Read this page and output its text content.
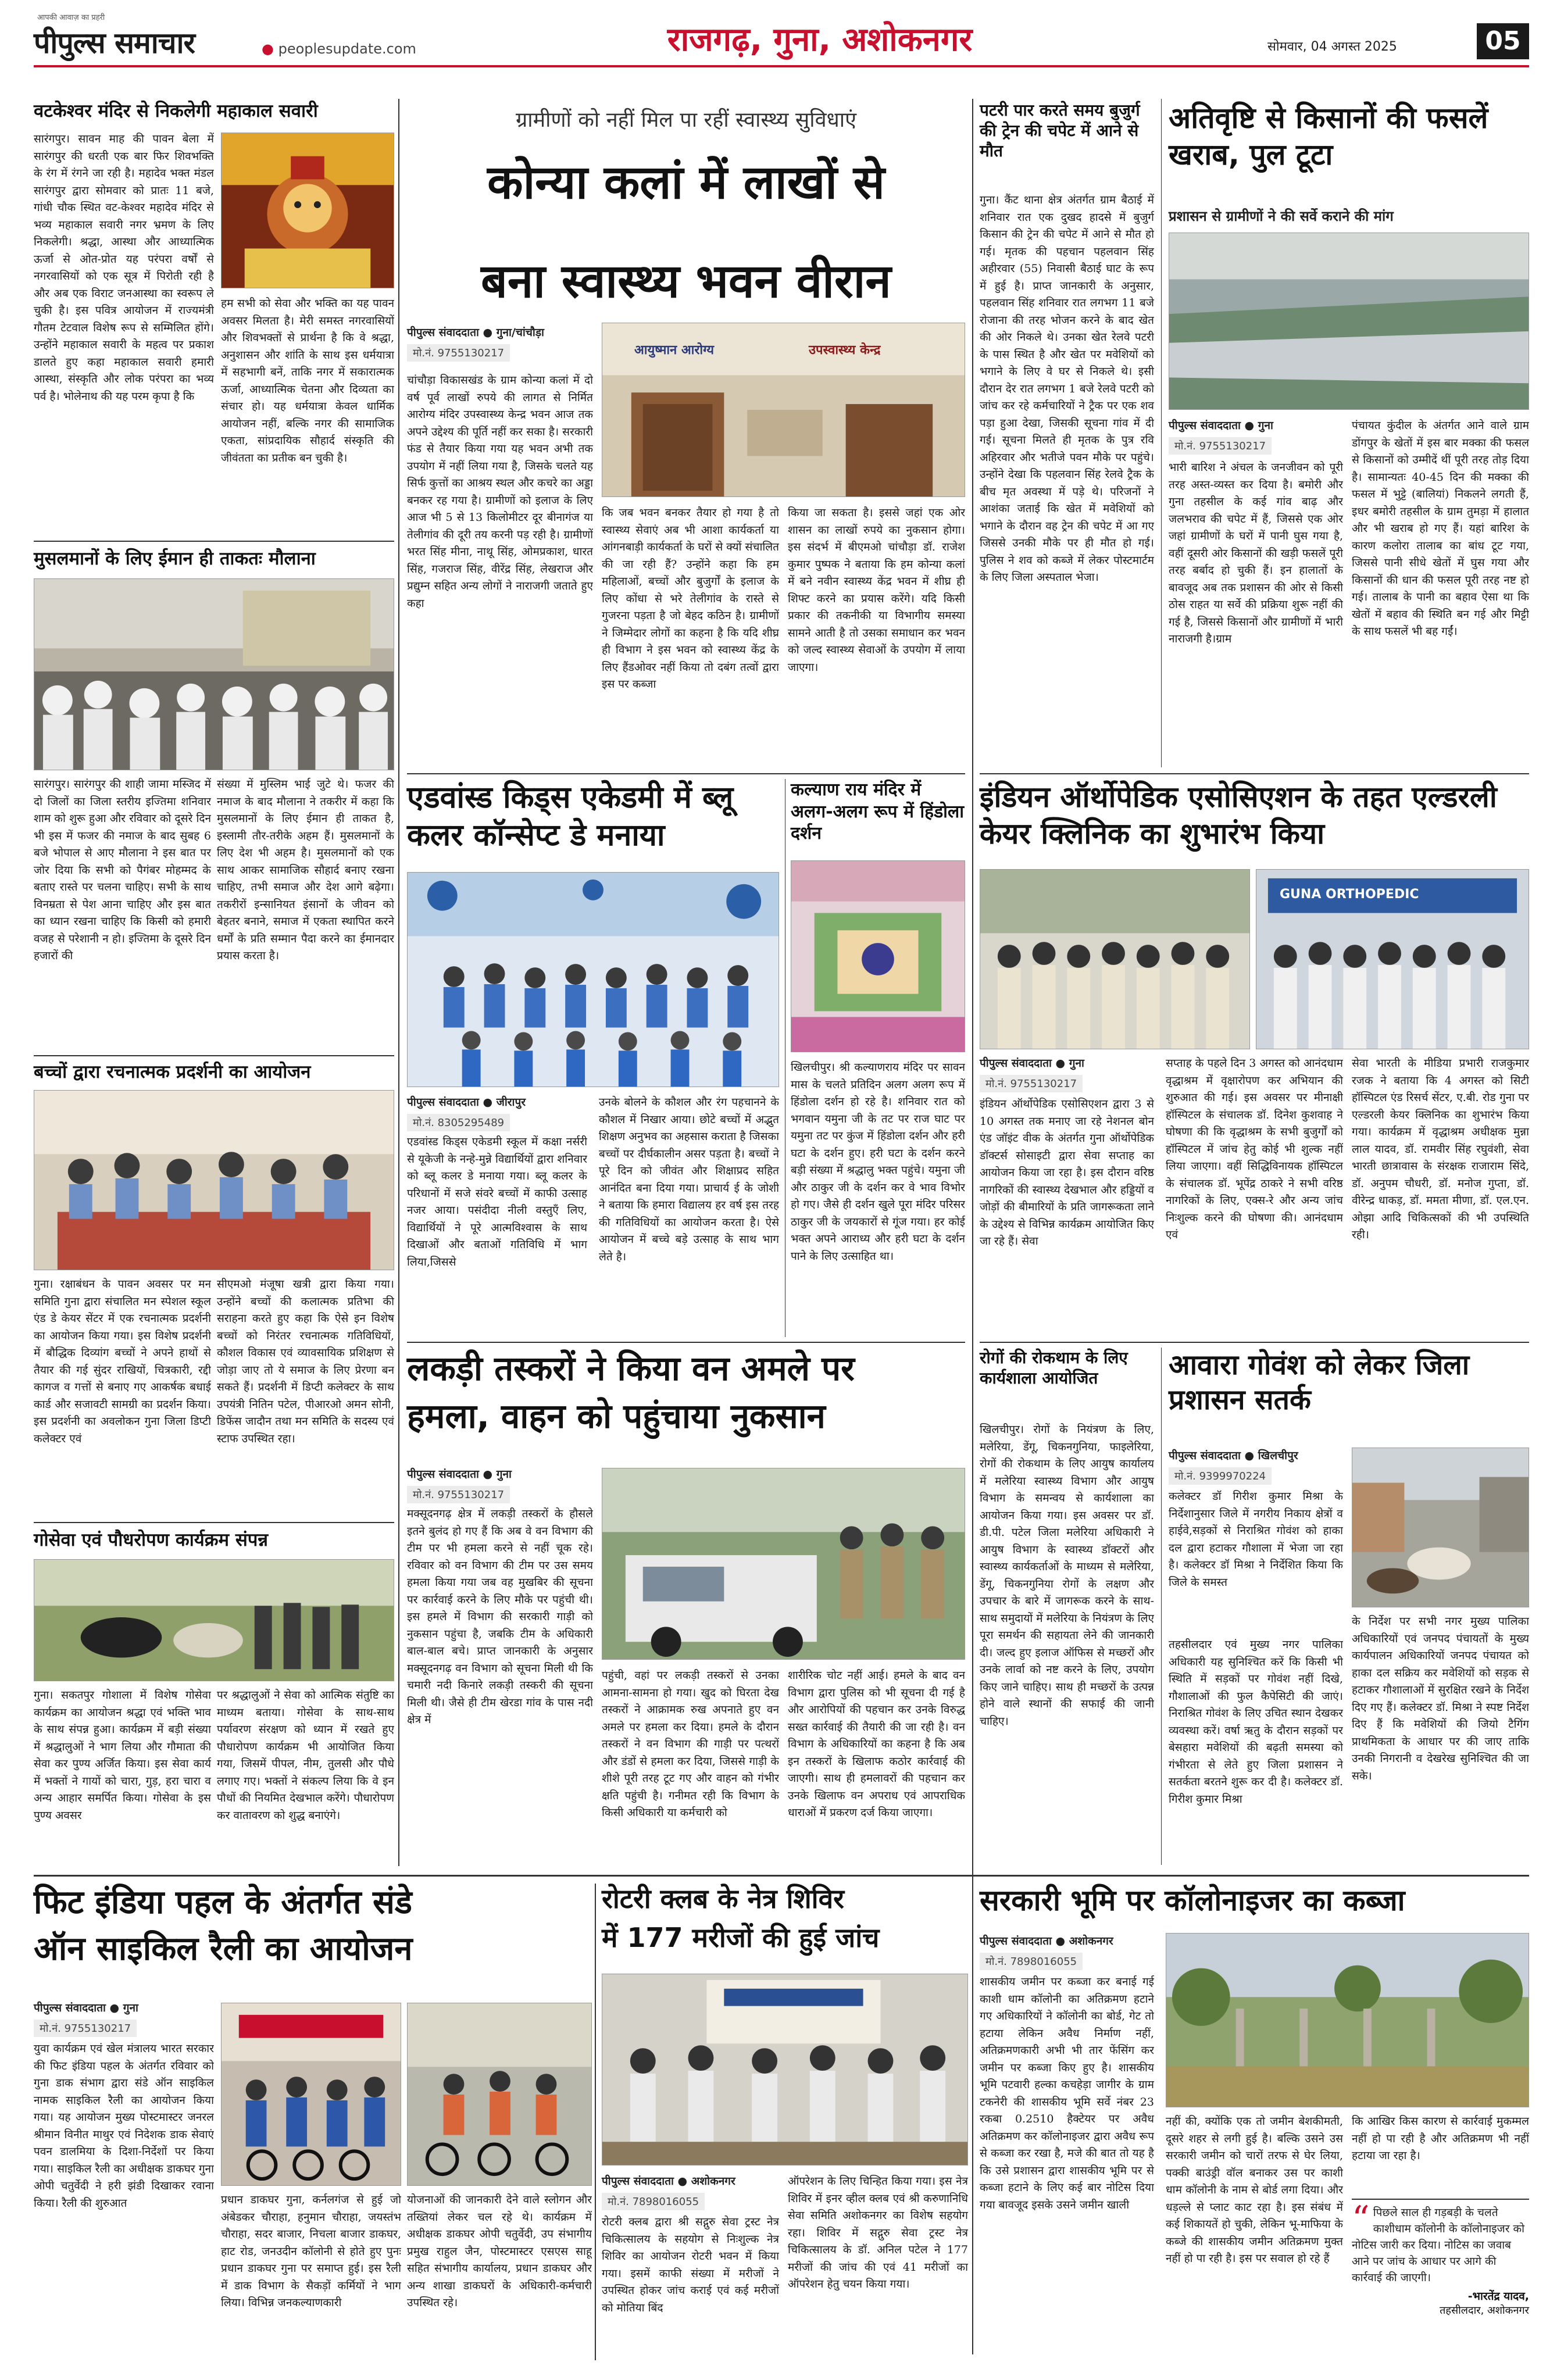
आपकी आवाज़ का प्रहरी
पीपुल्स समाचार	● peoplesupdate.com	राजगढ़, गुना, अशोकनगर	सोमवार, 04 अगस्त 2025	05
वटकेश्वर मंदिर से निकलेगी महाकाल सवारी
सारंगपुर। सावन माह की पावन बेला में सारंगपुर की धरती एक बार फिर शिवभक्ति के रंग में रंगने जा रही है। महादेव भक्त मंडल सारंगपुर द्वारा सोमवार को प्रातः 11 बजे, गांधी चौक स्थित वट-केश्वर महादेव मंदिर से भव्य महाकाल सवारी नगर भ्रमण के लिए निकलेगी। श्रद्धा, आस्था और आध्यात्मिक ऊर्जा से ओत-प्रोत यह परंपरा वर्षों से नगरवासियों को एक सूत्र में पिरोती रही है और अब एक विराट जनआस्था का स्वरूप ले चुकी है। इस पवित्र आयोजन में राज्यमंत्री गौतम टेटवाल विशेष रूप से सम्मिलित होंगे। उन्होंने महाकाल सवारी के महत्व पर प्रकाश डालते हुए कहा महाकाल सवारी हमारी आस्था, संस्कृति और लोक परंपरा का भव्य पर्व है। भोलेनाथ की यह परम कृपा है कि
हम सभी को सेवा और भक्ति का यह पावन अवसर मिलता है। मेरी समस्त नगरवासियों और शिवभक्तों से प्रार्थना है कि वे श्रद्धा, अनुशासन और शांति के साथ इस धर्मयात्रा में सहभागी बनें, ताकि नगर में सकारात्मक ऊर्जा, आध्यात्मिक चेतना और दिव्यता का संचार हो। यह धर्मयात्रा केवल धार्मिक आयोजन नहीं, बल्कि नगर की सामाजिक एकता, सांप्रदायिक सौहार्द संस्कृति की जीवंतता का प्रतीक बन चुकी है।
मुसलमानों के लिए ईमान ही ताकतः मौलाना
सारंगपुर। सारंगपुर की शाही जामा मस्जिद में दो जिलों का जिला स्तरीय इज्तिमा शनिवार शाम को शुरू हुआ और रविवार को दूसरे दिन भी इस में फजर की नमाज के बाद सुबह 6 बजे भोपाल से आए मौलाना ने इस बात पर जोर दिया कि सभी को पैगंबर मोहम्मद के बताए रास्ते पर चलना चाहिए। सभी के साथ विनम्रता से पेश आना चाहिए और इस बात का ध्यान रखना चाहिए कि किसी को हमारी वजह से परेशानी न हो। इज्तिमा के दूसरे दिन हजारों की
संख्या में मुस्लिम भाई जुटे थे। फजर की नमाज के बाद मौलाना ने तकरीर में कहा कि मुसलमानों के लिए ईमान ही ताकत है, इस्लामी तौर-तरीके अहम हैं। मुसलमानों के लिए देश भी अहम है। मुसलमानों को एक साथ आकर सामाजिक सौहार्द बनाए रखना चाहिए, तभी समाज और देश आगे बढ़ेगा। तकरीरों इन्सानियत इंसानों के जीवन को बेहतर बनाने, समाज में एकता स्थापित करने धर्मों के प्रति सम्मान पैदा करने का ईमानदार प्रयास करता है।
बच्चों द्वारा रचनात्मक प्रदर्शनी का आयोजन
गुना। रक्षाबंधन के पावन अवसर पर मन समिति गुना द्वारा संचालित मन स्पेशल स्कूल एंड डे केयर सेंटर में एक रचनात्मक प्रदर्शनी का आयोजन किया गया। इस विशेष प्रदर्शनी में बौद्धिक दिव्यांग बच्चों ने अपने हाथों से तैयार की गई सुंदर राखियों, चित्रकारी, रद्दी कागज व गत्तों से बनाए गए आकर्षक बधाई कार्ड और सजावटी सामग्री का प्रदर्शन किया। इस प्रदर्शनी का अवलोकन गुना जिला डिप्टी कलेक्टर एवं
सीएमओ मंजूषा खत्री द्वारा किया गया। उन्होंने बच्चों की कलात्मक प्रतिभा की सराहना करते हुए कहा कि ऐसे इन विशेष बच्चों को निरंतर रचनात्मक गतिविधियों, कौशल विकास एवं व्यावसायिक प्रशिक्षण से जोड़ा जाए तो ये समाज के लिए प्रेरणा बन सकते हैं। प्रदर्शनी में डिप्टी कलेक्टर के साथ उपयंत्री नितिन पटेल, पीआरओ अमन सोनी, डिफेंस जादौन तथा मन समिति के सदस्य एवं स्टाफ उपस्थित रहा।
गोसेवा एवं पौधरोपण कार्यक्रम संपन्न
गुना। सकतपुर गोशाला में विशेष गोसेवा कार्यक्रम का आयोजन श्रद्धा एवं भक्ति भाव के साथ संपन्न हुआ। कार्यक्रम में बड़ी संख्या में श्रद्धालुओं ने भाग लिया और गौमाता की सेवा कर पुण्य अर्जित किया। इस सेवा कार्य में भक्तों ने गायों को चारा, गुड़, हरा चारा व अन्य आहार समर्पित किया। गोसेवा के इस पुण्य अवसर
पर श्रद्धालुओं ने सेवा को आत्मिक संतुष्टि का माध्यम बताया। गोसेवा के साथ-साथ पर्यावरण संरक्षण को ध्यान में रखते हुए पौधारोपण कार्यक्रम भी आयोजित किया गया, जिसमें पीपल, नीम, तुलसी और पौधे लगाए गए। भक्तों ने संकल्प लिया कि वे इन पौधों की नियमित देखभाल करेंगे। पौधारोपण कर वातावरण को शुद्ध बनाएंगे।
ग्रामीणों को नहीं मिल पा रहीं स्वास्थ्य सुविधाएं
कोन्या कलां में लाखों से
बना स्वास्थ्य भवन वीरान
पीपुल्स संवाददाता ● गुना/चांचौड़ा
मो.नं. 9755130217	आयुष्मान आरोग्य	उपस्वास्थ्य केन्द्र
चांचौड़ा विकासखंड के ग्राम कोन्या कलां में दो वर्ष पूर्व लाखों रुपये की लागत से निर्मित आरोग्य मंदिर उपस्वास्थ्य केन्द्र भवन आज तक अपने उद्देश्य की पूर्ति नहीं कर सका है। सरकारी फंड से तैयार किया गया यह भवन अभी तक उपयोग में नहीं लिया गया है, जिसके चलते यह सिर्फ कुत्तों का आश्रय स्थल और कचरे का अड्डा बनकर रह गया है। ग्रामीणों को इलाज के लिए आज भी 5 से 13 किलोमीटर दूर बीनागंज या तेलीगांव की दूरी तय करनी पड़ रही है। ग्रामीणों भरत सिंह मीना, नाथू सिंह, ओमप्रकाश, धारत सिंह, गजराज सिंह, वीरेंद्र सिंह, लेखराज और प्रद्युम्न सहित अन्य लोगों ने नाराजगी जताते हुए कहा
कि जब भवन बनकर तैयार हो गया है तो स्वास्थ्य सेवाएं अब भी आशा कार्यकर्ता या आंगनबाड़ी कार्यकर्ता के घरों से क्यों संचालित की जा रही हैं? उन्होंने कहा कि हम महिलाओं, बच्चों और बुजुर्गों के इलाज के लिए कोंधा से भरे तेलीगांव के रास्ते से गुजरना पड़ता है जो बेहद कठिन है। ग्रामीणों ने जिम्मेदार लोगों का कहना है कि यदि शीघ्र ही विभाग ने इस भवन को स्वास्थ्य केंद्र के लिए हैंडओवर नहीं किया तो दबंग तत्वों द्वारा इस पर कब्जा
किया जा सकता है। इससे जहां एक ओर शासन का लाखों रुपये का नुकसान होगा। इस संदर्भ में बीएमओ चांचौड़ा डॉ. राजेश कुमार पुष्पक ने बताया कि हम कोन्या कलां में बने नवीन स्वास्थ्य केंद्र भवन में शीघ्र ही शिफ्ट करने का प्रयास करेंगे। यदि किसी प्रकार की तकनीकी या विभागीय समस्या सामने आती है तो उसका समाधान कर भवन को जल्द स्वास्थ्य सेवाओं के उपयोग में लाया जाएगा।
एडवांस्ड किड्स एकेडमी में ब्लू कलर कॉन्सेप्ट डे मनाया
पीपुल्स संवाददाता ● जीरापुर
मो.नं. 8305295489
एडवांस्ड किड्स एकेडमी स्कूल में कक्षा नर्सरी से यूकेजी के नन्हे-मुन्ने विद्यार्थियों द्वारा शनिवार को ब्लू कलर डे मनाया गया। ब्लू कलर के परिधानों में सजे संवरे बच्चों में काफी उत्साह नजर आया। पसंदीदा नीली वस्तुएँ लिए, विद्यार्थियों ने पूरे आत्मविश्वास के साथ दिखाओं और बताओं गतिविधि में भाग लिया,जिससे
उनके बोलने के कौशल और रंग पहचानने के कौशल में निखार आया। छोटे बच्चों में अद्भुत शिक्षण अनुभव का अहसास कराता है जिसका बच्चों पर दीर्घकालीन असर पड़ता है। बच्चों ने पूरे दिन को जीवंत और शिक्षाप्रद सहित आनंदित बना दिया गया। प्राचार्य ई के जोशी ने बताया कि हमारा विद्यालय हर वर्ष इस तरह की गतिविधियों का आयोजन करता है। ऐसे आयोजन में बच्चे बड़े उत्साह के साथ भाग लेते है।
कल्याण राय मंदिर में अलग-अलग रूप में हिंडोला दर्शन
खिलचीपुर। श्री कल्याणराय मंदिर पर सावन मास के चलते प्रतिदिन अलग अलग रूप में हिंडोला दर्शन हो रहे है। शनिवार रात को भगवान यमुना जी के तट पर राज घाट पर यमुना तट पर कुंज में हिंडोला दर्शन और हरी घटा के दर्शन हुए। हरी घटा के दर्शन करने बड़ी संख्या में श्रद्धालु भक्त पहुंचे। यमुना जी और ठाकुर जी के दर्शन कर वे भाव विभोर हो गए। जैसे ही दर्शन खुले पूरा मंदिर परिसर ठाकुर जी के जयकारों से गूंज गया। हर कोई भक्त अपने आराध्य और हरी घटा के दर्शन पाने के लिए उत्साहित था।
लकड़ी तस्करों ने किया वन अमले पर
हमला, वाहन को पहुंचाया नुकसान
पीपुल्स संवाददाता ● गुना
मो.नं. 9755130217
मक्सूदनगढ़ क्षेत्र में लकड़ी तस्करों के हौसले इतने बुलंद हो गए हैं कि अब वे वन विभाग की टीम पर भी हमला करने से नहीं चूक रहे। रविवार को वन विभाग की टीम पर उस समय हमला किया गया जब वह मुखबिर की सूचना पर कार्रवाई करने के लिए मौके पर पहुंची थी। इस हमले में विभाग की सरकारी गाड़ी को नुकसान पहुंचा है, जबकि टीम के अधिकारी बाल-बाल बचे। प्राप्त जानकारी के अनुसार मक्सूदनगढ़ वन विभाग को सूचना मिली थी कि चमारी नदी किनारे लकड़ी तस्करी की सूचना मिली थी। जैसे ही टीम खेरडा गांव के पास नदी क्षेत्र में
पहुंची, वहां पर लकड़ी तस्करों से उनका आमना-सामना हो गया। खुद को घिरता देख तस्करों ने आक्रामक रुख अपनाते हुए वन अमले पर हमला कर दिया। हमले के दौरान तस्करों ने वन विभाग की गाड़ी पर पत्थरों और डंडों से हमला कर दिया, जिससे गाड़ी के शीशे पूरी तरह टूट गए और वाहन को गंभीर क्षति पहुंची है। गनीमत रही कि विभाग के किसी अधिकारी या कर्मचारी को
शारीरिक चोट नहीं आई। हमले के बाद वन विभाग द्वारा पुलिस को भी सूचना दी गई है और आरोपियों की पहचान कर उनके विरुद्ध सख्त कार्रवाई की तैयारी की जा रही है। वन विभाग के अधिकारियों का कहना है कि अब इन तस्करों के खिलाफ कठोर कार्रवाई की जाएगी। साथ ही हमलावरों की पहचान कर उनके खिलाफ वन अपराध एवं आपराधिक धाराओं में प्रकरण दर्ज किया जाएगा।
पटरी पार करते समय बुजुर्ग की ट्रेन की चपेट में आने से मौत
गुना। कैंट थाना क्षेत्र अंतर्गत ग्राम बैठाई में शनिवार रात एक दुखद हादसे में बुजुर्ग किसान की ट्रेन की चपेट में आने से मौत हो गई। मृतक की पहचान पहलवान सिंह अहीरवार (55) निवासी बैठाई घाट के रूप में हुई है। प्राप्त जानकारी के अनुसार, पहलवान सिंह शनिवार रात लगभग 11 बजे रोजाना की तरह भोजन करने के बाद खेत की ओर निकले थे। उनका खेत रेलवे पटरी के पास स्थित है और खेत पर मवेशियों को भगाने के लिए वे घर से निकले थे। इसी दौरान देर रात लगभग 1 बजे रेलवे पटरी को जांच कर रहे कर्मचारियों ने ट्रैक पर एक शव पड़ा हुआ देखा, जिसकी सूचना गांव में दी गई। सूचना मिलते ही मृतक के पुत्र रवि अहिरवार और भतीजे पवन मौके पर पहुंचे। उन्होंने देखा कि पहलवान सिंह रेलवे ट्रैक के बीच मृत अवस्था में पड़े थे। परिजनों ने आशंका जताई कि खेत में मवेशियों को भगाने के दौरान वह ट्रेन की चपेट में आ गए जिससे उनकी मौके पर ही मौत हो गई। पुलिस ने शव को कब्जे में लेकर पोस्टमार्टम के लिए जिला अस्पताल भेजा।
अतिवृष्टि से किसानों की फसलें खराब, पुल टूटा
प्रशासन से ग्रामीणों ने की सर्वे कराने की मांग
पीपुल्स संवाददाता ● गुना
मो.नं. 9755130217
भारी बारिश ने अंचल के जनजीवन को पूरी तरह अस्त-व्यस्त कर दिया है। बमोरी और गुना तहसील के कई गांव बाढ़ और जलभराव की चपेट में हैं, जिससे एक ओर जहां ग्रामीणों के घरों में पानी घुस गया है, वहीं दूसरी ओर किसानों की खड़ी फसलें पूरी तरह बर्बाद हो चुकी हैं। इन हालातों के बावजूद अब तक प्रशासन की ओर से किसी ठोस राहत या सर्वे की प्रक्रिया शुरू नहीं की गई है, जिससे किसानों और ग्रामीणों में भारी नाराजगी है।ग्राम
पंचायत कुंदील के अंतर्गत आने वाले ग्राम डोंगपुर के खेतों में इस बार मक्का की फसल से किसानों को उम्मीदें थीं पूरी तरह तोड़ दिया है। सामान्यतः 40-45 दिन की मक्का की फसल में भुट्टे (बालियां) निकलने लगती हैं, इधर बमोरी तहसील के ग्राम तुमड़ा में हालात और भी खराब हो गए हैं। यहां बारिश के कारण कलोरा तालाब का बांध टूट गया, जिससे पानी सीधे खेतों में घुस गया और किसानों की धान की फसल पूरी तरह नष्ट हो गई। तालाब के पानी का बहाव ऐसा था कि खेतों में बहाव की स्थिति बन गई और मिट्टी के साथ फसलें भी बह गईं।
इंडियन ऑर्थोपेडिक एसोसिएशन के तहत एल्डरली केयर क्लिनिक का शुभारंभ किया
GUNA ORTHOPEDIC
पीपुल्स संवाददाता ● गुना
मो.नं. 9755130217
इंडियन ऑर्थोपेडिक एसोसिएशन द्वारा 3 से 10 अगस्त तक मनाए जा रहे नेशनल बोन एंड जॉइंट वीक के अंतर्गत गुना ऑर्थोपेडिक डॉक्टर्स सोसाइटी द्वारा सेवा सप्ताह का आयोजन किया जा रहा है। इस दौरान वरिष्ठ नागरिकों की स्वास्थ्य देखभाल और हड्डियों व जोड़ों की बीमारियों के प्रति जागरूकता लाने के उद्देश्य से विभिन्न कार्यक्रम आयोजित किए जा रहे हैं। सेवा
सप्ताह के पहले दिन 3 अगस्त को आनंदधाम वृद्धाश्रम में वृक्षारोपण कर अभियान की शुरुआत की गई। इस अवसर पर मीनाक्षी हॉस्पिटल के संचालक डॉ. दिनेश कुशवाह ने घोषणा की कि वृद्धाश्रम के सभी बुजुर्गों को हॉस्पिटल में जांच हेतु कोई भी शुल्क नहीं लिया जाएगा। वहीं सिद्धिविनायक हॉस्पिटल के संचालक डॉ. भूपेंद्र ठाकरे ने सभी वरिष्ठ नागरिकों के लिए, एक्स-रे और अन्य जांच निःशुल्क करने की घोषणा की। आनंदधाम एवं
सेवा भारती के मीडिया प्रभारी राजकुमार रजक ने बताया कि 4 अगस्त को सिटी हॉस्पिटल एंड रिसर्च सेंटर, ए.बी. रोड गुना पर एल्डरली केयर क्लिनिक का शुभारंभ किया गया। कार्यक्रम में वृद्धाश्रम अधीक्षक मुन्ना लाल यादव, डॉ. रामवीर सिंह रघुवंशी, सेवा भारती छात्रावास के संरक्षक राजाराम सिंदे, डॉ. अनुपम चौधरी, डॉ. मनोज गुप्ता, डॉ. वीरेन्द्र धाकड़, डॉ. ममता मीणा, डॉ. एल.एन. ओझा आदि चिकित्सकों की भी उपस्थिति रही।
रोगों की रोकथाम के लिए कार्यशाला आयोजित
खिलचीपुर। रोगों के नियंत्रण के लिए, मलेरिया, डेंगू, चिकनगुनिया, फाइलेरिया, रोगों की रोकथाम के लिए आयुष कार्यालय में मलेरिया स्वास्थ्य विभाग और आयुष विभाग के समन्वय से कार्यशाला का आयोजन किया गया। इस अवसर पर डॉ. डी.पी. पटेल जिला मलेरिया अधिकारी ने आयुष विभाग के स्वास्थ्य डॉक्टरों और स्वास्थ्य कार्यकर्ताओं के माध्यम से मलेरिया, डेंगू, चिकनगुनिया रोगों के लक्षण और उपचार के बारे में जागरूक करने के साथ-साथ समुदायों में मलेरिया के नियंत्रण के लिए पूरा समर्थन की सहायता लेने की जानकारी दी। जल्द हुए इलाज ऑफिस से मच्छरों और उनके लार्वा को नष्ट करने के लिए, उपयोग किए जाने चाहिए। साथ ही मच्छरों के उत्पन्न होने वाले स्थानों की सफाई की जानी चाहिए।
आवारा गोवंश को लेकर जिला प्रशासन सतर्क
पीपुल्स संवाददाता ● खिलचीपुर
मो.नं. 9399970224
कलेक्टर डॉ गिरीश कुमार मिश्रा के निर्देशानुसार जिले में नगरीय निकाय क्षेत्रों व हाईवे,सड़कों से निराश्रित गोवंश को हाका दल द्वारा हटाकर गौशाला में भेजा जा रहा है। कलेक्टर डॉ मिश्रा ने निर्देशित किया कि जिले के समस्त
तहसीलदार एवं मुख्य नगर पालिका अधिकारी यह सुनिश्चित करें कि किसी भी स्थिति में सड़कों पर गोवंश नहीं दिखे, गौशालाओं की फुल कैपेसिटी की जाएं। निराश्रित गोवंश के लिए उचित स्थान देखकर व्यवस्था करें। वर्षा ऋतु के दौरान सड़कों पर बेसहारा मवेशियों की बढ़ती समस्या को गंभीरता से लेते हुए जिला प्रशासन ने सतर्कता बरतने शुरू कर दी है। कलेक्टर डॉ. गिरीश कुमार मिश्रा
के निर्देश पर सभी नगर मुख्य पालिका अधिकारियों एवं जनपद पंचायतों के मुख्य कार्यपालन अधिकारियों जनपद पंचायत को हाका दल सक्रिय कर मवेशियों को सड़क से हटाकर गौशालाओं में सुरक्षित रखने के निर्देश दिए गए हैं। कलेक्टर डॉ. मिश्रा ने स्पष्ट निर्देश दिए हैं कि मवेशियों की जियो टैगिंग प्राथमिकता के आधार पर की जाए ताकि उनकी निगरानी व देखरेख सुनिश्चित की जा सके।
फिट इंडिया पहल के अंतर्गत संडे
ऑन साइकिल रैली का आयोजन
पीपुल्स संवाददाता ● गुना
मो.नं. 9755130217
युवा कार्यक्रम एवं खेल मंत्रालय भारत सरकार की फिट इंडिया पहल के अंतर्गत रविवार को गुना डाक संभाग द्वारा संडे ऑन साइकिल नामक साइकिल रैली का आयोजन किया गया। यह आयोजन मुख्य पोस्टमास्टर जनरल श्रीमान विनीत माथुर एवं निदेशक डाक सेवाएं पवन डालमिया के दिशा-निर्देशों पर किया गया। साइकिल रैली का अधीक्षक डाकघर गुना ओपी चतुर्वेदी ने हरी झंडी दिखाकर रवाना किया। रैली की शुरुआत	प्रधान डाकघर गुना, कर्नलगंज से हुई जो अंबेडकर चौराहा, हनुमान चौराहा, जयस्तंभ चौराहा, सदर बाजार, निचला बाजार डाकघर, हाट रोड, जनउदीन कॉलोनी से होते हुए पुनः प्रधान डाकघर गुना पर समाप्त हुई। इस रैली में डाक विभाग के सैकड़ों कर्मियों ने भाग लिया। विभिन्न जनकल्याणकारी
योजनाओं की जानकारी देने वाले स्लोगन और तख्तियां लेकर चल रहे थे। कार्यक्रम में अधीक्षक डाकघर ओपी चतुर्वेदी, उप संभागीय प्रमुख राहुल जैन, पोस्टमास्टर एसएस साहू सहित संभागीय कार्यालय, प्रधान डाकघर और अन्य शाखा डाकघरों के अधिकारी-कर्मचारी उपस्थित रहे।
रोटरी क्लब के नेत्र शिविर
में 177 मरीजों की हुई जांच
पीपुल्स संवाददाता ● अशोकनगर
मो.नं. 7898016055
रोटरी क्लब द्वारा श्री सद्गुरु सेवा ट्रस्ट नेत्र चिकित्सालय के सहयोग से निःशुल्क नेत्र शिविर का आयोजन रोटरी भवन में किया गया। इसमें काफी संख्या में मरीजों ने उपस्थित होकर जांच कराई एवं कई मरीजों को मोतिया बिंद
ऑपरेशन के लिए चिन्हित किया गया। इस नेत्र शिविर में इनर व्हील क्लब एवं श्री करुणानिधि सेवा समिति अशोकनगर का विशेष सहयोग रहा। शिविर में सद्गुरु सेवा ट्रस्ट नेत्र चिकित्सालय के डॉ. अनिल पटेल ने 177 मरीजों की जांच की एवं 41 मरीजों का ऑपरेशन हेतु चयन किया गया।
सरकारी भूमि पर कॉलोनाइजर का कब्जा
पीपुल्स संवाददाता ● अशोकनगर
मो.नं. 7898016055
शासकीय जमीन पर कब्जा कर बनाई गई काशी धाम कॉलोनी का अतिक्रमण हटाने गए अधिकारियों ने कॉलोनी का बोर्ड, गेट तो हटाया लेकिन अवैध निर्माण नहीं, अतिक्रमणकारी अभी भी तार फेंसिंग कर जमीन पर कब्जा किए हुए है। शासकीय भूमि पटवारी हल्का कचहेड़ा जागीर के ग्राम टकनेरी की शासकीय भूमि सर्वे नंबर 23 रकबा 0.2510 हैक्टेयर पर अवैध अतिक्रमण कर कॉलोनाइजर द्वारा अवैध रूप से कब्जा कर रखा है, मजे की बात तो यह है कि उसे प्रशासन द्वारा शासकीय भूमि पर से कब्जा हटाने के लिए कई बार नोटिस दिया गया बावजूद इसके उसने जमीन खाली
नहीं की, क्योंकि एक तो जमीन बेशकीमती, दूसरे शहर से लगी हुई है। बल्कि उसने उस सरकारी जमीन को चारों तरफ से घेर लिया, पक्की बाउंड्री वॉल बनाकर उस पर काशी धाम कॉलोनी के नाम से बोर्ड लगा दिया। और धड़ल्ले से प्लाट काट रहा है। इस संबंध में कई शिकायतें हो चुकी, लेकिन भू-माफिया के कब्जे की शासकीय जमीन अतिक्रमण मुक्त नहीं हो पा रही है। इस पर सवाल हो रहे हैं
कि आखिर किस कारण से कार्रवाई मुकम्मल नहीं हो पा रही है और अतिक्रमण भी नहीं हटाया जा रहा है।
“ पिछले साल ही गड़बड़ी के चलते काशीधाम कॉलोनी के कॉलोनाइजर को नोटिस जारी कर दिया। नोटिस का जवाब आने पर जांच के आधार पर आगे की कार्रवाई की जाएगी।
-भारतेंद्र यादव,
तहसीलदार, अशोकनगर
